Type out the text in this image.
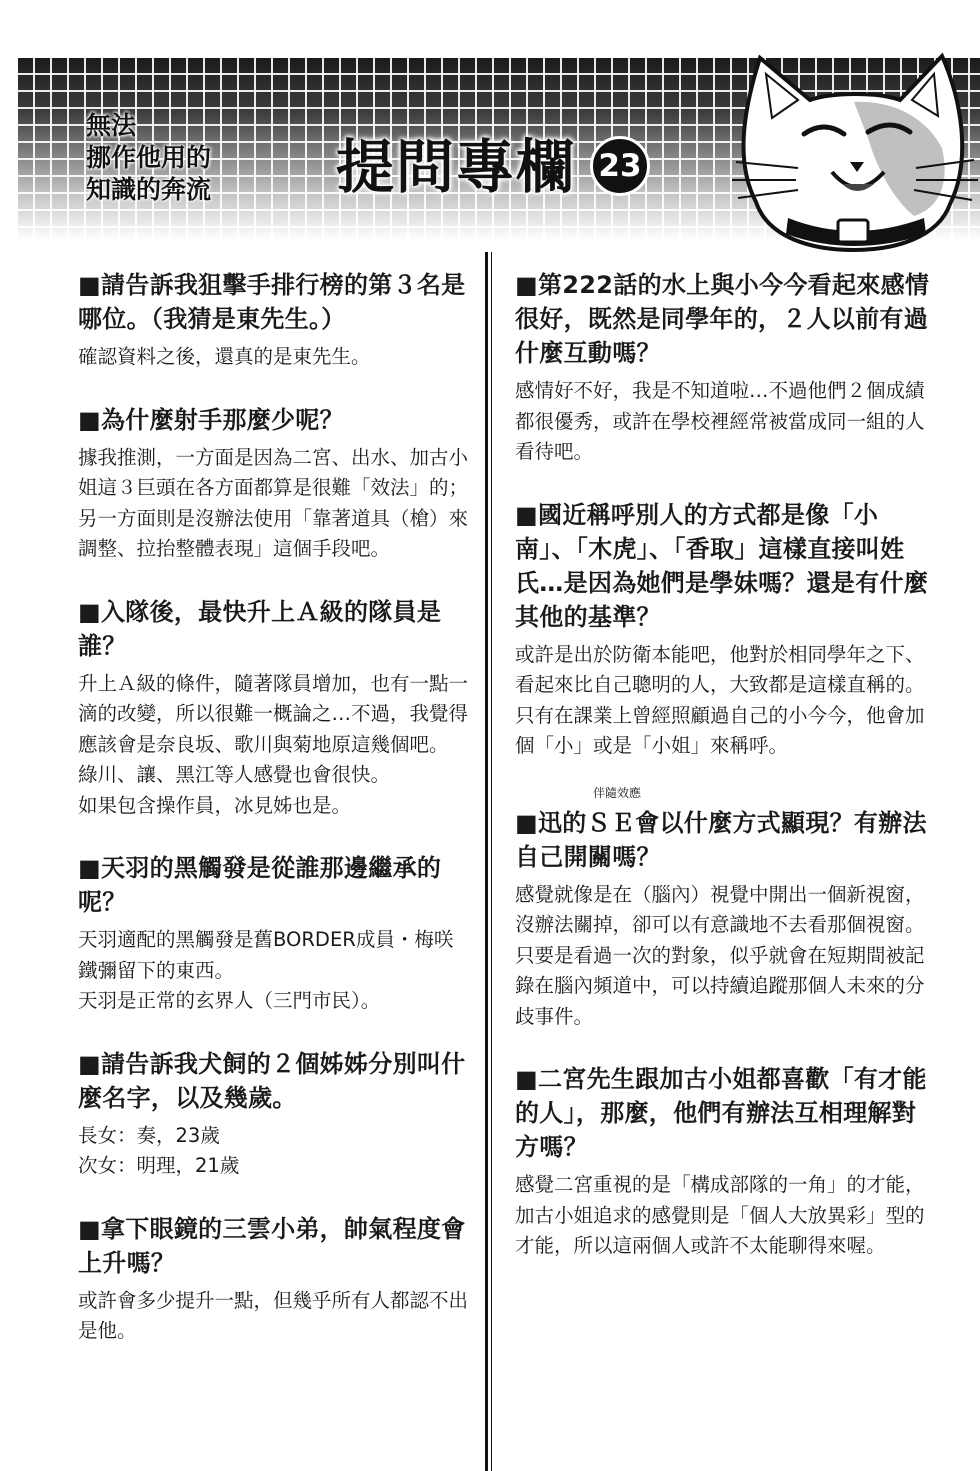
無法
挪作他用的
知識的奔流	提問專欄 23

■請告訴我狙擊手排行榜的第３名是哪位。（我猜是東先生。）

確認資料之後，還真的是東先生。

■為什麼射手那麼少呢？

據我推測，一方面是因為二宮、出水、加古小姐這３巨頭在各方面都算是很難「效法」的；另一方面則是沒辦法使用「靠著道具（槍）來調整、拉抬整體表現」這個手段吧。

■入隊後，最快升上Ａ級的隊員是誰？

升上Ａ級的條件，隨著隊員增加，也有一點一滴的改變，所以很難一概論之…不過，我覺得應該會是奈良坂、歌川與菊地原這幾個吧。
綠川、讓、黑江等人感覺也會很快。
如果包含操作員，冰見姊也是。

■天羽的黑觸發是從誰那邊繼承的呢？

天羽適配的黑觸發是舊BORDER成員・梅咲鐵彌留下的東西。
天羽是正常的玄界人（三門市民）。

■請告訴我犬飼的２個姊姊分別叫什麼名字，以及幾歲。

長女：奏，23歲
次女：明理，21歲

■拿下眼鏡的三雲小弟，帥氣程度會上升嗎？

或許會多少提升一點，但幾乎所有人都認不出是他。

■第222話的水上與小今今看起來感情很好，既然是同學年的，２人以前有過什麼互動嗎？

感情好不好，我是不知道啦…不過他們２個成績都很優秀，或許在學校裡經常被當成同一組的人看待吧。

■國近稱呼別人的方式都是像「小南」、「木虎」、「香取」這樣直接叫姓氏…是因為她們是學妹嗎？還是有什麼其他的基準？

或許是出於防衛本能吧，他對於相同學年之下、看起來比自己聰明的人，大致都是這樣直稱的。
只有在課業上曾經照顧過自己的小今今，他會加個「小」或是「小姐」來稱呼。

伴隨效應

■迅的ＳＥ會以什麼方式顯現？有辦法自己開關嗎？

感覺就像是在（腦內）視覺中開出一個新視窗，沒辦法關掉，卻可以有意識地不去看那個視窗。
只要是看過一次的對象，似乎就會在短期間被記錄在腦內頻道中，可以持續追蹤那個人未來的分歧事件。

■二宮先生跟加古小姐都喜歡「有才能的人」，那麼，他們有辦法互相理解對方嗎？

感覺二宮重視的是「構成部隊的一角」的才能，加古小姐追求的感覺則是「個人大放異彩」型的才能，所以這兩個人或許不太能聊得來喔。
